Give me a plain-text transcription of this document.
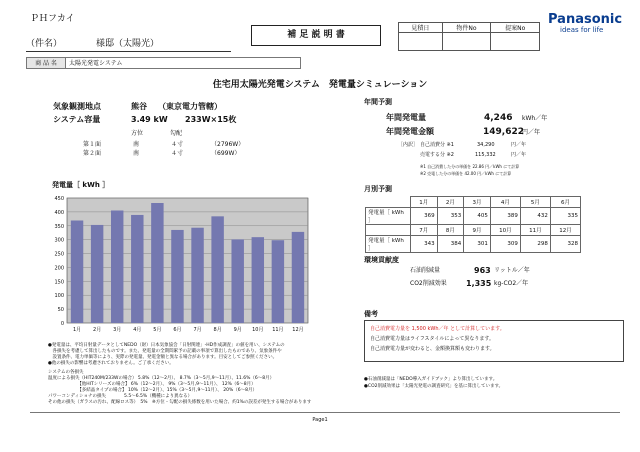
ＰＨフカイ
（件名）	様邸（太陽光）
商 品 名	太陽光発電システム
補 足 説 明 書
見積日	物件No	提案No

Panasonic
ideas for life
住宅用太陽光発電システム　発電量シミュレーション
気象観測地点	熊谷 （東京電力管轄）
システム容量	3.49 kW 233W×15枚
方位	勾配
第１面	南	４寸	（2796W）
第２面	南	４寸	（699W）
発電量［ kWh ］
0
50
100
150
200
250
300
350
400
450
1月 2月 3月 4月 5月 6月 7月 8月 9月 10月 11月 12月
年間予測
年間発電量	4,246 kWh／年
年間発電金額	149,622
円／年
［内訳］ 自己消費分 ※1	34,290	円／年
売電する分 ※2	115,332	円／年
※1 自己消費した分の単価を 22.86 円／kWh にて計算
※2 売電した分の単価を 42.00 円／kWh にて計算
月別予測
	1月	2月	3月	4月	5月	6月
発電量［ kWh ］	369	353	405	389	432	335
	7月	8月	9月	10月	11月	12月
発電量［ kWh ］	343	384	301	309	298	328
環境貢献度
石油削減量	963 リットル／年
CO2削減効果 1,335 kg-CO2／年
備考
自己消費電力量を 1,500 kWh／年 として計算しています。
自己消費電力量はライフスタイルによって異なります。
自己消費電力量が変わると、金額換算額も変わります。
●発電量は、平均日射量データとしてNEDO（財）日本気象協会「日射関連」-HD作成調査」の値を用い、システムの
　各損失を考慮して算出したものです。また、発電量の全期間累予の記載の事項で算出したものであり、気象条件や
　設置条件、電力単価等により、実際の発電量、発電金額と異なる場合があります。目安としてご参照ください。
●他の損失の影響は考慮されておりません。ご了承ください。
システムの各損失
温度による損失（HIT240M/233Wの場合） 5.8%（12〜2月）、 8.7%（3〜5月,9〜11月）、11.6%（6〜8月）
　　　　　　　【他HITシリーズの場合】 6%（12〜2月）、 9%（3〜5月,9〜11月）、 12%（6〜8月）
　　　　　　　【多結晶タイプの場合】 10%（12〜2月）、15%（3〜5月,9〜11月）、 20%（6〜8月）
パワーコンディショナの損失　　　　5.5〜6.5%（機種により異なる）
その他の損失（ガラスの汚れ、配線ロス等）　5%　※方位・勾配の損失係数を用いた場合、約1%の誤差が発生する場合があります
●石油削減量は「NEDO導入ガイドブック」より算出しています。
●CO2削減効果は「太陽光発電の調査研究」を基に算出しています。
Page1
